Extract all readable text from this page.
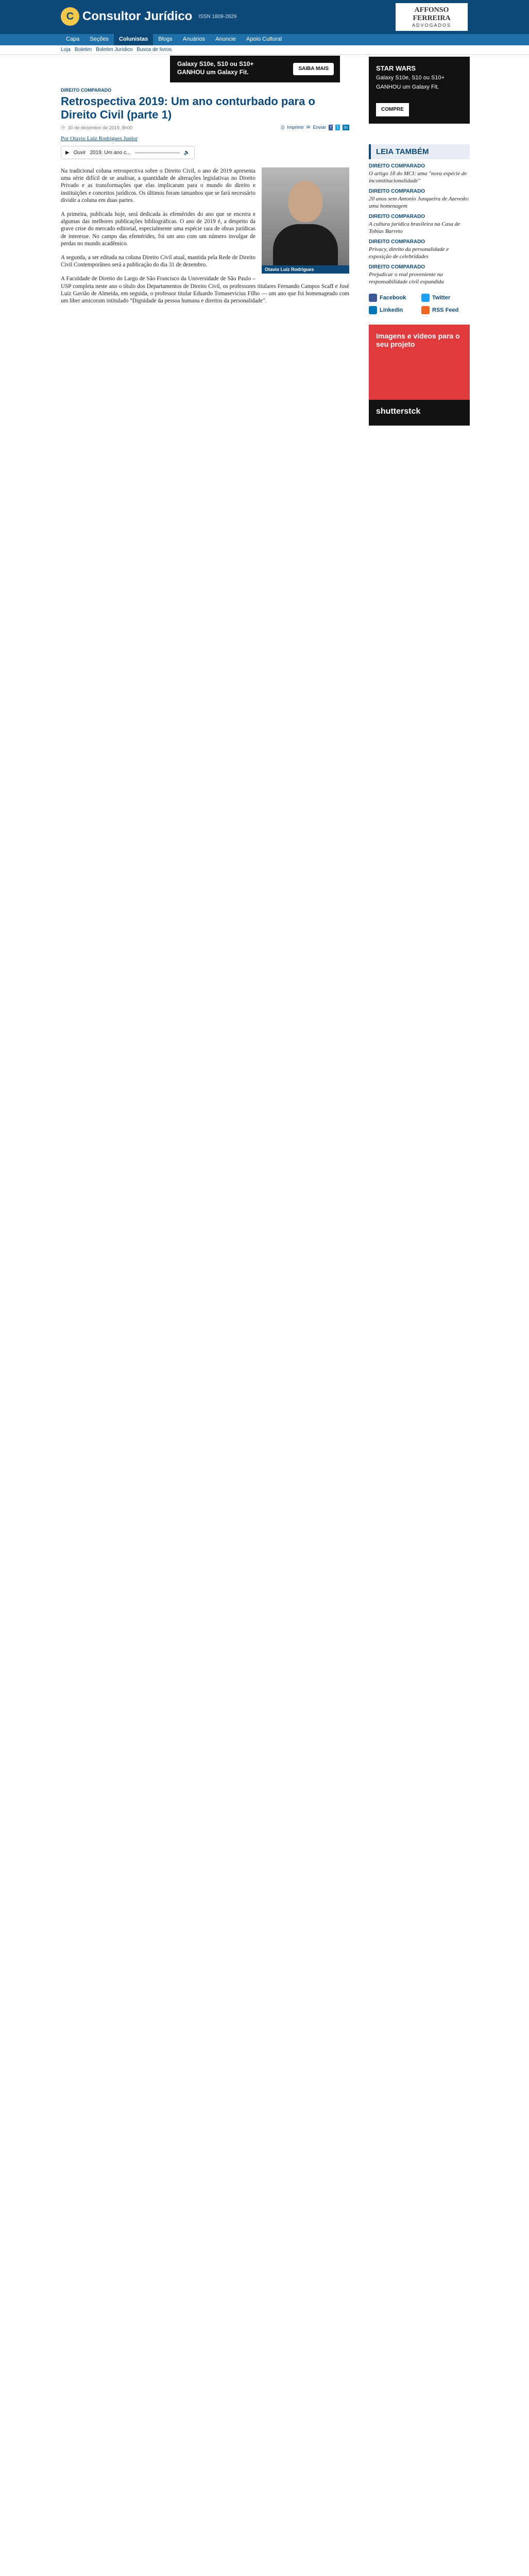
C Consultor Jurídico ISSN 1809-2829
AFFONSO FERREIRA
ADVOGADOS
Capa	Seções	Colunistas	Blogs	Anuários	Anuncie	Apoio Cultural
Loja Boletim Boletim Jurídico Busca de livros
Galaxy S10e, S10 ou S10+
GANHOU um Galaxy Fit.	SAIBA MAIS
DIREITO COMPARADO
Retrospectiva 2019: Um ano conturbado para o Direito Civil (parte 1)
◷ 30 de dezembro de 2019, 8h00	⎙ Imprimir ✉ Enviar f	t	in
Por Otavio Luiz Rodrigues Junior
▶ Ouvir 2019: Um ano c...	🔈
Otavio Luiz Rodrigues

Na tradicional coluna retrospectiva sobre o Direito Civil, o ano de 2019 apresenta uma série difícil de se analisar, a quantidade de alterações legislativas no Direito Privado e as transformações que elas implicaram para o mundo do direito e instituições e conceitos jurídicos. Os últimos foram tamanhos que se fará necessário dividir a coluna em duas partes.

A primeira, publicada hoje, será dedicada às efemérides do ano que se encerra e algumas das melhores publicações bibliográficas. O ano de 2019 é, a despeito da grave crise do mercado editorial, especialmente uma espécie rara de obras jurídicas de interesse. No campo das efemérides, foi um ano com um número invulgar de perdas no mundo acadêmico.

A segunda, a ser editada na coluna Direito Civil atual, mantida pela Rede de Direito Civil Contemporâneo será a publicação do dia 31 de dezembro.

A Faculdade de Direito do Largo de São Francisco da Universidade de São Paulo – USP completa neste ano o título dos Departamentos de Direito Civil, os professores titulares Fernando Campos Scaff e José Luiz Gavião de Almeida, em seguida, o professor titular Eduardo Tomasevicius Filho — um ano que foi homenageado com um liber amicorum intitulado "Dignidade da pessoa humana e direitos da personalidade".

STAR WARS
Galaxy S10e, S10 ou S10+ GANHOU um Galaxy Fit.
COMPRE
LEIA TAMBÉM
DIREITO COMPARADO
O artigo 18 do MCI: uma "nova espécie de inconstitucionalidade"
DIREITO COMPARADO
20 anos sem Antonio Junqueira de Azevedo: uma homenagem
DIREITO COMPARADO
A cultura jurídica brasileira na Casa de Tobias Barreto
DIREITO COMPARADO
Privacy, direito da personalidade e exposição de celebridades
DIREITO COMPARADO
Prejudicar o real proveniente na responsabilidade civil expandida
Facebook	Twitter
Linkedin	RSS Feed
Imagens e vídeos para o seu projeto
shutterstck
